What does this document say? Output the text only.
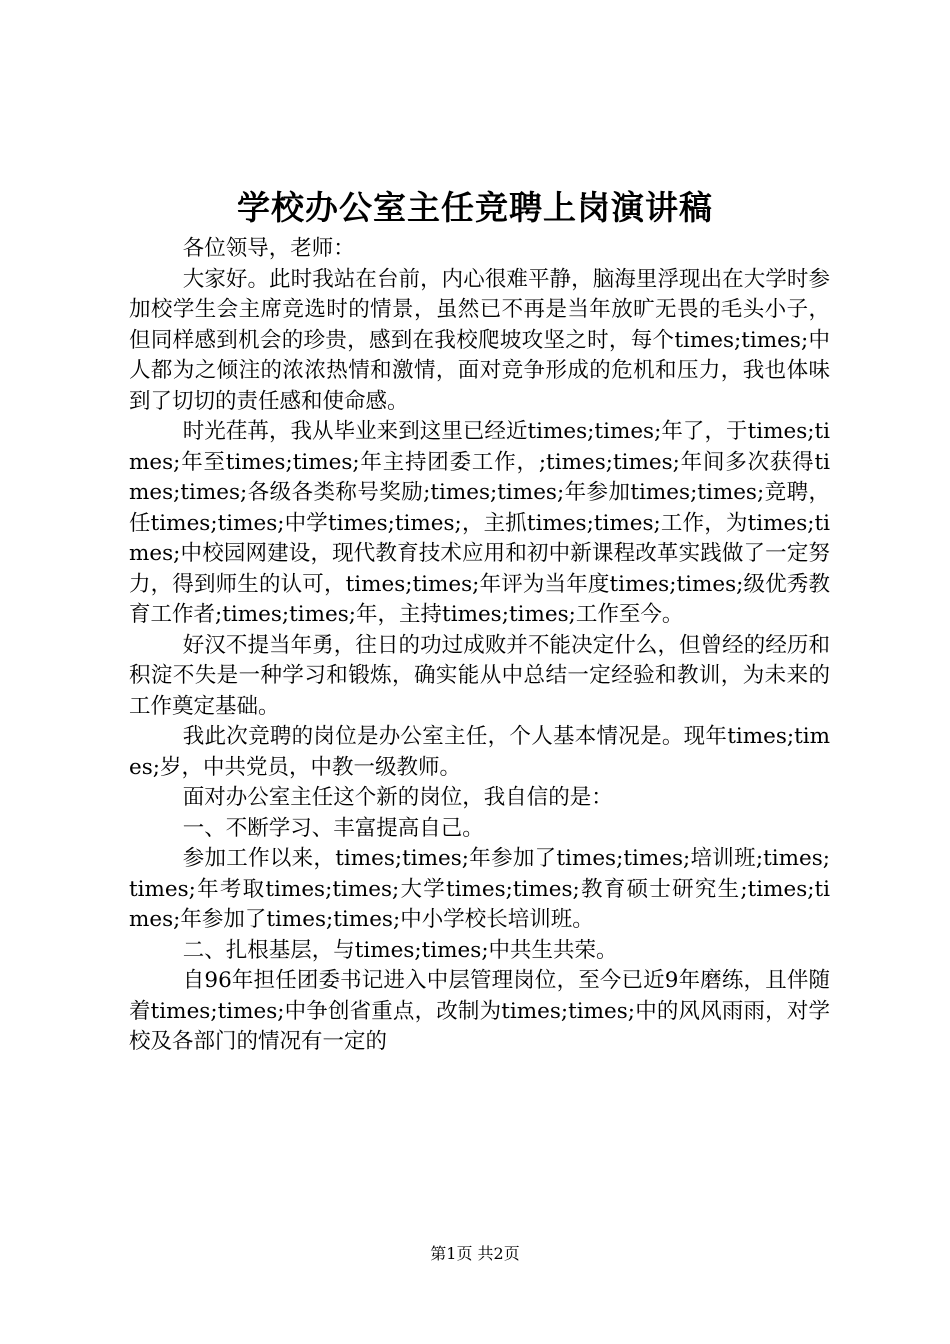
学校办公室主任竞聘上岗演讲稿

各位领导，老师：

大家好。此时我站在台前，内心很难平静，脑海里浮现出在大学时参加校学生会主席竞选时的情景，虽然已不再是当年放旷无畏的毛头小子，但同样感到机会的珍贵，感到在我校爬坡攻坚之时，每个times;times;中人都为之倾注的浓浓热情和激情，面对竞争形成的危机和压力，我也体味到了切切的责任感和使命感。

时光荏苒，我从毕业来到这里已经近times;times;年了，于times;times;年至times;times;年主持团委工作，;times;times;年间多次获得times;times;各级各类称号奖励;times;times;年参加times;times;竞聘，任times;times;中学times;times;，主抓times;times;工作，为times;times;中校园网建设，现代教育技术应用和初中新课程改革实践做了一定努力，得到师生的认可，times;times;年评为当年度times;times;级优秀教育工作者;times;times;年，主持times;times;工作至今。

好汉不提当年勇，往日的功过成败并不能决定什么，但曾经的经历和积淀不失是一种学习和锻炼，确实能从中总结一定经验和教训，为未来的工作奠定基础。

我此次竞聘的岗位是办公室主任，个人基本情况是。现年times;times;岁，中共党员，中教一级教师。

面对办公室主任这个新的岗位，我自信的是：

一、不断学习、丰富提高自己。

参加工作以来，times;times;年参加了times;times;培训班;times;times;年考取times;times;大学times;times;教育硕士研究生;times;times;年参加了times;times;中小学校长培训班。

二、扎根基层，与times;times;中共生共荣。

自96年担任团委书记进入中层管理岗位，至今已近9年磨练，且伴随着times;times;中争创省重点，改制为times;times;中的风风雨雨，对学校及各部门的情况有一定的

第1页 共2页
